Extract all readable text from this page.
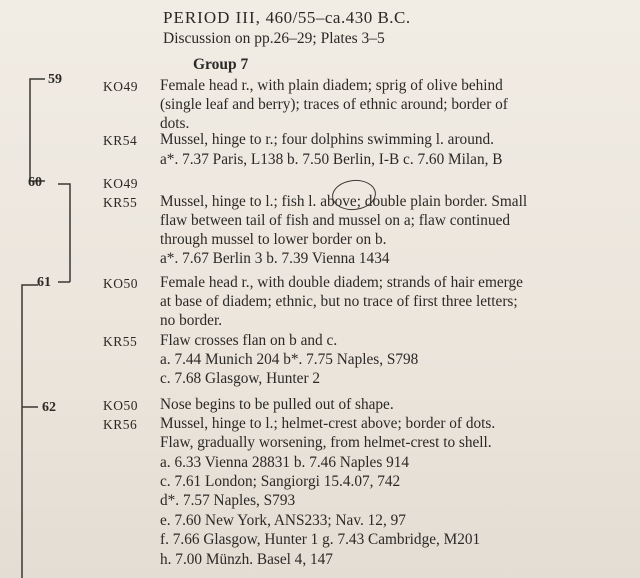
PERIOD III, 460/55–ca.430 B.C.
Discussion on pp.26–29; Plates 3–5
Group 7
59
60
61
62
KO49
KR54
KO49
KR55
KO50
KR55
KO50
KR56
Female head r., with plain diadem; sprig of olive behind
(single leaf and berry); traces of ethnic around; border of
dots.
Mussel, hinge to r.; four dolphins swimming l. around.
a*. 7.37 Paris, L138 b. 7.50 Berlin, I-B c. 7.60 Milan, B
Mussel, hinge to l.; fish l. above; double plain border. Small
flaw between tail of fish and mussel on a; flaw continued
through mussel to lower border on b.
a*. 7.67 Berlin 3 b. 7.39 Vienna 1434
Female head r., with double diadem; strands of hair emerge
at base of diadem; ethnic, but no trace of first three letters;
no border.
Flaw crosses flan on b and c.
a. 7.44 Munich 204 b*. 7.75 Naples, S798
c. 7.68 Glasgow, Hunter 2
Nose begins to be pulled out of shape.
Mussel, hinge to l.; helmet-crest above; border of dots.
Flaw, gradually worsening, from helmet-crest to shell.
a. 6.33 Vienna 28831 b. 7.46 Naples 914
c. 7.61 London; Sangiorgi 15.4.07, 742
d*. 7.57 Naples, S793
e. 7.60 New York, ANS233; Nav. 12, 97
f. 7.66 Glasgow, Hunter 1 g. 7.43 Cambridge, M201
h. 7.00 Münzh. Basel 4, 147
